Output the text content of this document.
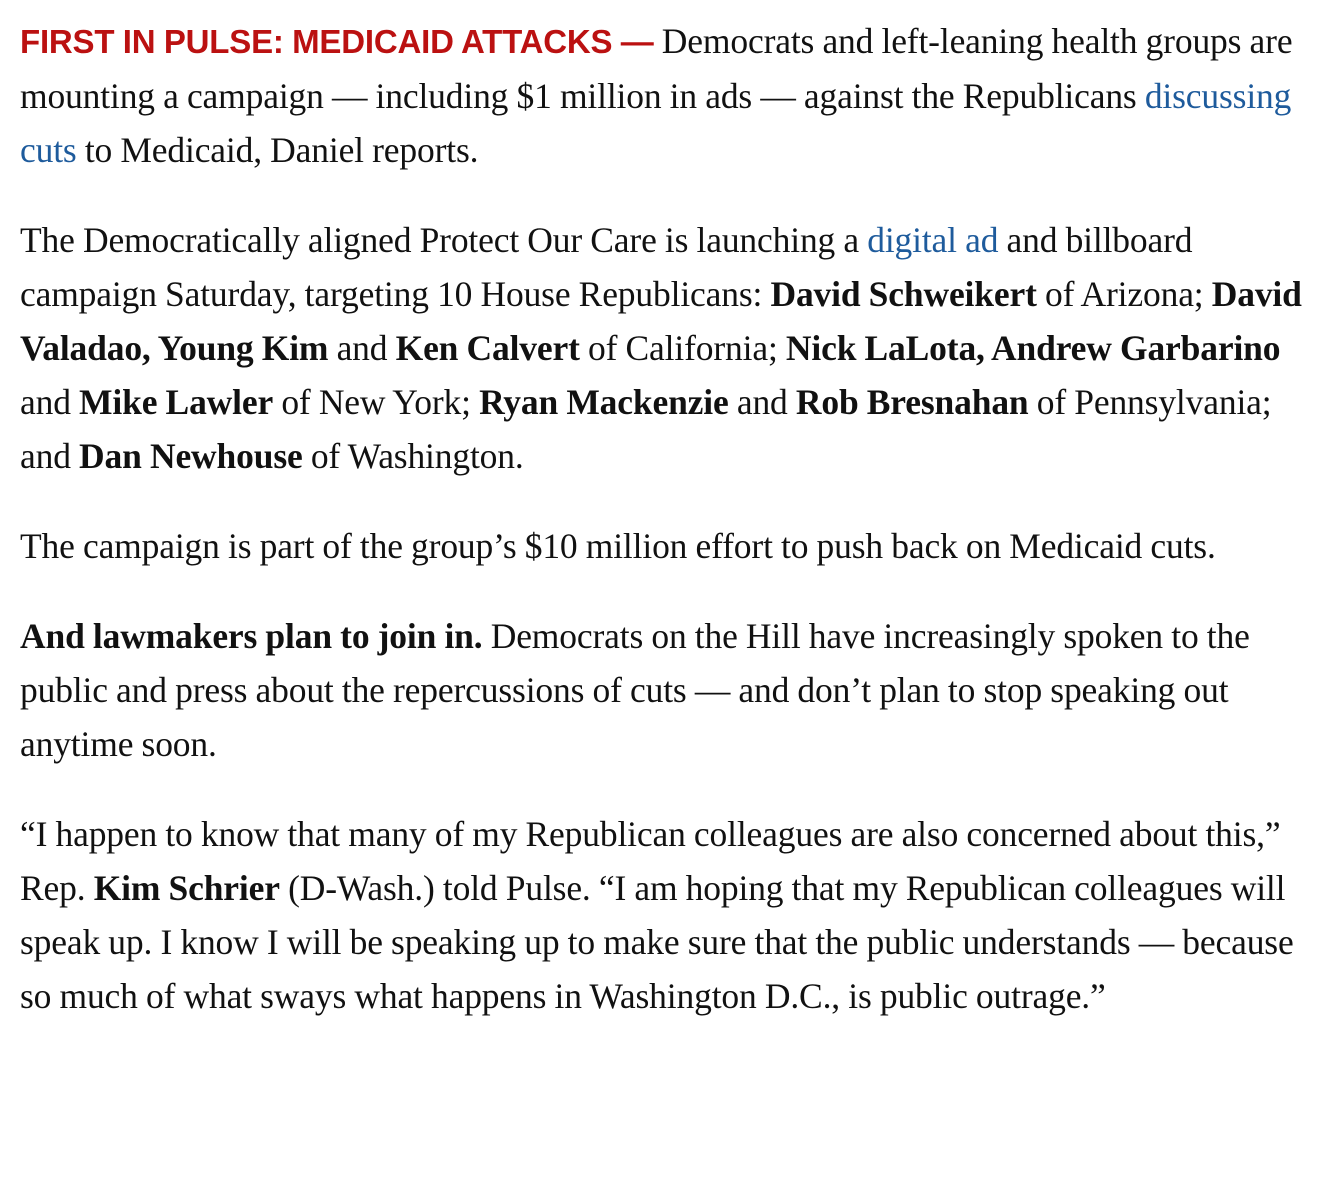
FIRST IN PULSE: MEDICAID ATTACKS — Democrats and left-leaning health groups are mounting a campaign — including $1 million in ads — against the Republicans discussing cuts to Medicaid, Daniel reports.

The Democratically aligned Protect Our Care is launching a digital ad and billboard campaign Saturday, targeting 10 House Republicans: David Schweikert of Arizona; David Valadao, Young Kim and Ken Calvert of California; Nick LaLota, Andrew Garbarino and Mike Lawler of New York; Ryan Mackenzie and Rob Bresnahan of Pennsylvania; and Dan Newhouse of Washington.

The campaign is part of the group’s $10 million effort to push back on Medicaid cuts.

And lawmakers plan to join in. Democrats on the Hill have increasingly spoken to the public and press about the repercussions of cuts — and don’t plan to stop speaking out anytime soon.

“I happen to know that many of my Republican colleagues are also concerned about this,” Rep. Kim Schrier (D-Wash.) told Pulse. “I am hoping that my Republican colleagues will speak up. I know I will be speaking up to make sure that the public understands — because so much of what sways what happens in Washington D.C., is public outrage.”
